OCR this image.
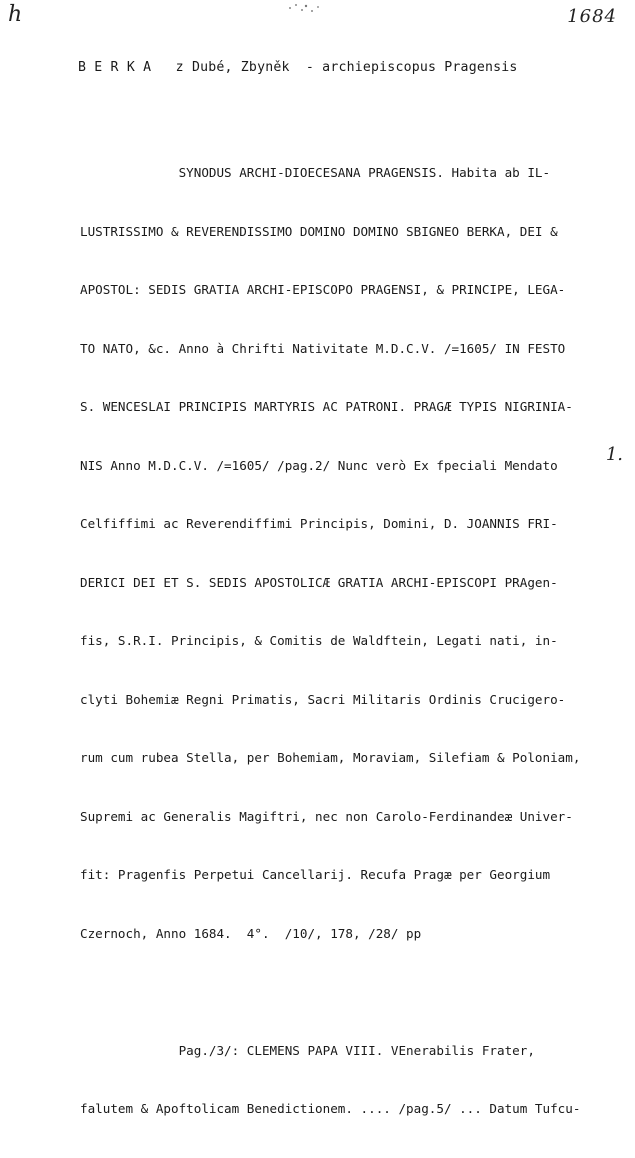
h	1684
B E R K A   z Dubé, Zbyněk  - archiepiscopus Pragensis

SYNODUS ARCHI-DIOECESANA PRAGENSIS. Habita ab IL-

LUSTRISSIMO & REVERENDISSIMO DOMINO DOMINO SBIGNEO BERKA, DEI &

APOSTOL: SEDIS GRATIA ARCHI-EPISCOPO PRAGENSI, & PRINCIPE, LEGA-

TO NATO, &c. Anno à Chrifti Nativitate M.D.C.V. /=1605/ IN FESTO

S. WENCESLAI PRINCIPIS MARTYRIS AC PATRONI. PRAGÆ TYPIS NIGRINIA-

NIS Anno M.D.C.V. /=1605/ /pag.2/ Nunc verò Ex fpeciali Mendato

Celfiffimi ac Reverendiffimi Principis, Domini, D. JOANNIS FRI-

DERICI DEI ET S. SEDIS APOSTOLICÆ GRATIA ARCHI-EPISCOPI PRAgen-

fis, S.R.I. Principis, & Comitis de Waldftein, Legati nati, in-

clyti Bohemiæ Regni Primatis, Sacri Militaris Ordinis Crucigero-

rum cum rubea Stella, per Bohemiam, Moraviam, Silefiam & Poloniam,

Supremi ac Generalis Magiftri, nec non Carolo-Ferdinandeæ Univer-

fit: Pragenfis Perpetui Cancellarij. Recufa Pragæ per Georgium

Czernoch, Anno 1684.  4°.  /10/, 178, /28/ pp

Pag./3/: CLEMENS PAPA VIII. VEnerabilis Frater,

falutem & Apoftolicam Benedictionem. .... /pag.5/ ... Datum Tufcu-

1.
